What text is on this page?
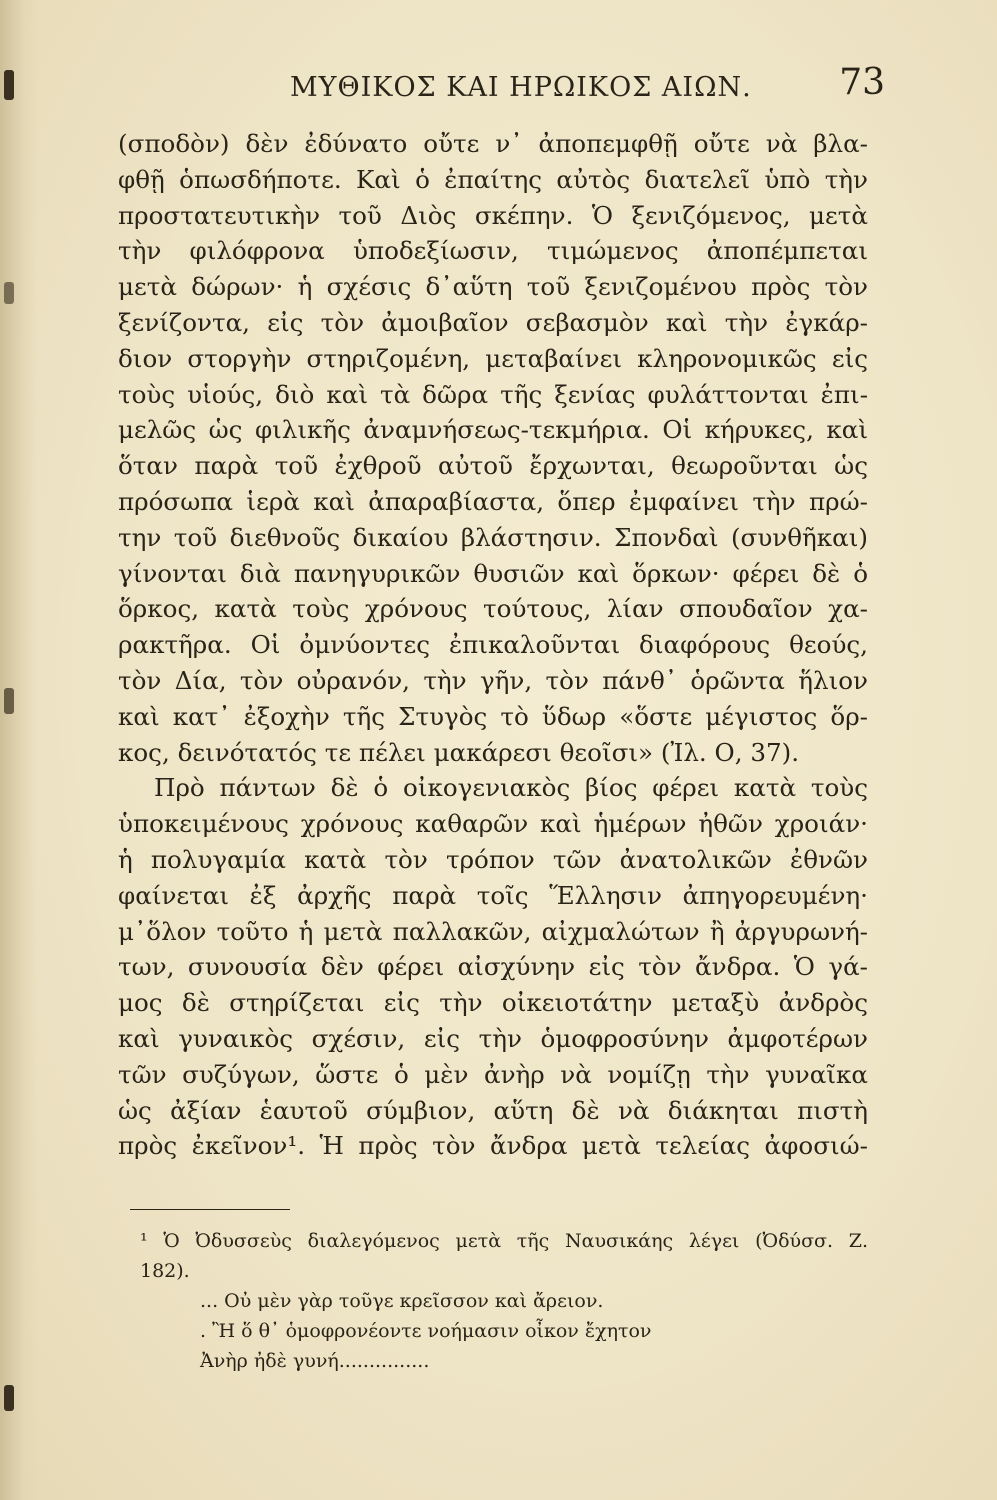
ΜΥΘΙΚΟΣ ΚΑΙ ΗΡΩΙΚΟΣ ΑΙΩΝ. 73
(σποδὸν) δὲν ἐδύνατο οὔτε ν᾽ ἀποπεμφθῇ οὔτε νὰ βλα-
φθῇ ὁπωσδήποτε. Καὶ ὁ ἐπαίτης αὐτὸς διατελεῖ ὑπὸ τὴν
προστατευτικὴν τοῦ Διὸς σκέπην. Ὁ ξενιζόμενος, μετὰ
τὴν φιλόφρονα ὑποδεξίωσιν, τιμώμενος ἀποπέμπεται
μετὰ δώρων· ἡ σχέσις δ᾽αὕτη τοῦ ξενιζομένου πρὸς τὸν
ξενίζοντα, εἰς τὸν ἀμοιβαῖον σεβασμὸν καὶ τὴν ἐγκάρ-
διον στοργὴν στηριζομένη, μεταβαίνει κληρονομικῶς εἰς
τοὺς υἱούς, διὸ καὶ τὰ δῶρα τῆς ξενίας φυλάττονται ἐπι-
μελῶς ὡς φιλικῆς ἀναμνήσεως-τεκμήρια. Οἱ κήρυκες, καὶ
ὅταν παρὰ τοῦ ἐχθροῦ αὐτοῦ ἔρχωνται, θεωροῦνται ὡς
πρόσωπα ἱερὰ καὶ ἀπαραβίαστα, ὅπερ ἐμφαίνει τὴν πρώ-
την τοῦ διεθνοῦς δικαίου βλάστησιν. Σπονδαὶ (συνθῆκαι)
γίνονται διὰ πανηγυρικῶν θυσιῶν καὶ ὅρκων· φέρει δὲ ὁ
ὅρκος, κατὰ τοὺς χρόνους τούτους, λίαν σπουδαῖον χα-
ρακτῆρα. Οἱ ὀμνύοντες ἐπικαλοῦνται διαφόρους θεούς,
τὸν Δία, τὸν οὐρανόν, τὴν γῆν, τὸν πάνθ᾽ ὁρῶντα ἥλιον
καὶ κατ᾽ ἐξοχὴν τῆς Στυγὸς τὸ ὕδωρ «ὅστε μέγιστος ὅρ-
κος, δεινότατός τε πέλει μακάρεσι θεοῖσι» (Ἰλ. Ο, 37).
Πρὸ πάντων δὲ ὁ οἰκογενιακὸς βίος φέρει κατὰ τοὺς
ὑποκειμένους χρόνους καθαρῶν καὶ ἡμέρων ἠθῶν χροιάν·
ἡ πολυγαμία κατὰ τὸν τρόπον τῶν ἀνατολικῶν ἐθνῶν
φαίνεται ἐξ ἀρχῆς παρὰ τοῖς Ἕλλησιν ἀπηγορευμένη·
μ᾽ὅλον τοῦτο ἡ μετὰ παλλακῶν, αἰχμαλώτων ἢ ἀργυρωνή-
των, συνουσία δὲν φέρει αἰσχύνην εἰς τὸν ἄνδρα. Ὁ γά-
μος δὲ στηρίζεται εἰς τὴν οἰκειοτάτην μεταξὺ ἀνδρὸς
καὶ γυναικὸς σχέσιν, εἰς τὴν ὁμοφροσύνην ἀμφοτέρων
τῶν συζύγων, ὥστε ὁ μὲν ἀνὴρ νὰ νομίζῃ τὴν γυναῖκα
ὡς ἀξίαν ἑαυτοῦ σύμβιον, αὕτη δὲ νὰ διάκηται πιστὴ
πρὸς ἐκεῖνον¹. Ἡ πρὸς τὸν ἄνδρα μετὰ τελείας ἀφοσιώ-
¹ Ὁ Ὀδυσσεὺς διαλεγόμενος μετὰ τῆς Ναυσικάης λέγει (Ὀδύσσ. Ζ.
182).
... Οὐ μὲν γὰρ τοῦγε κρεῖσσον καὶ ἄρειον.
. Ἢ ὅ θ᾽ ὁμοφρονέοντε νοήμασιν οἶκον ἔχητον
Ἀνὴρ ἠδὲ γυνή...............
